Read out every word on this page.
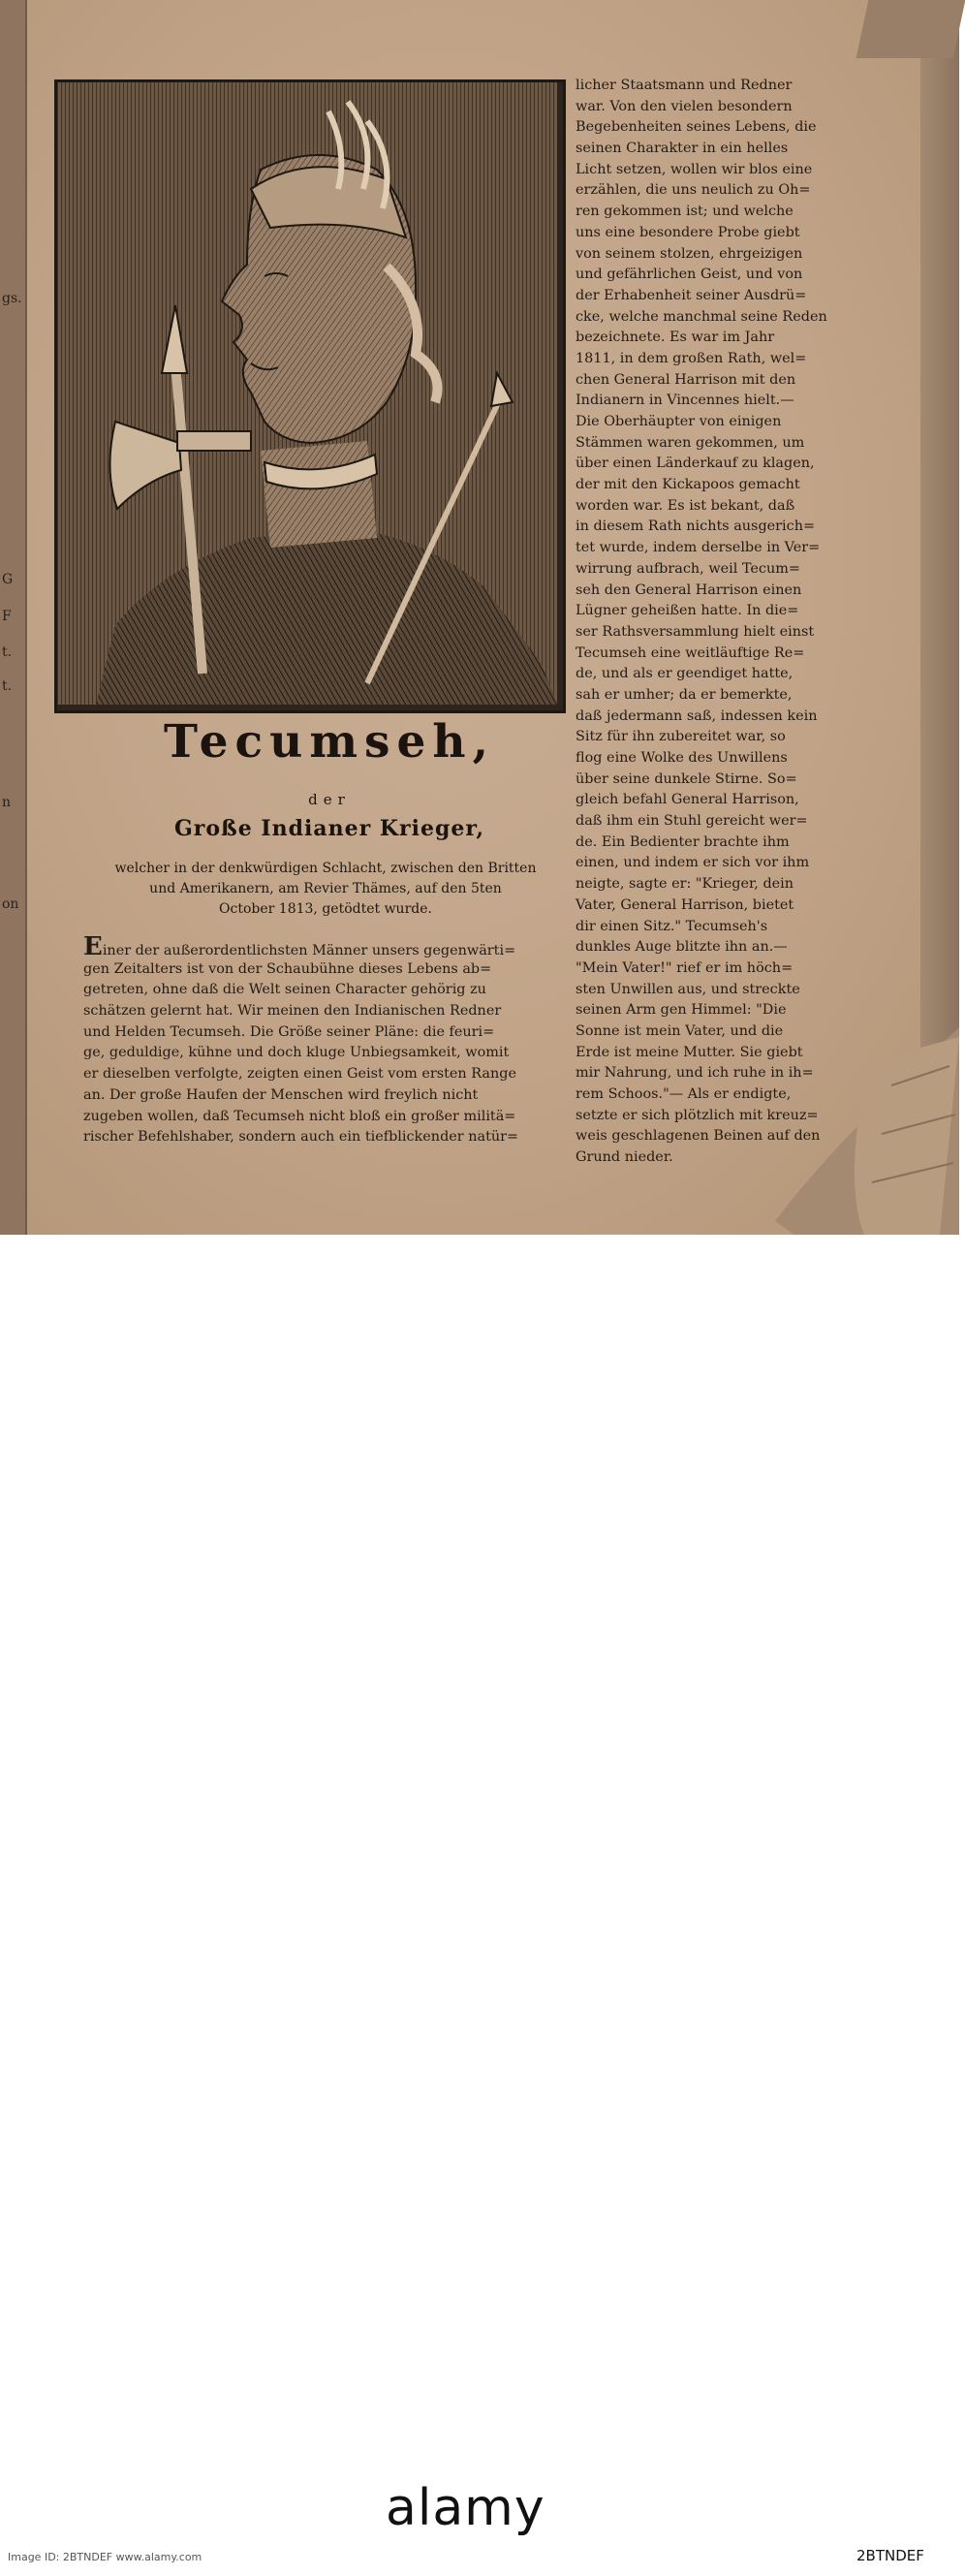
gs.
G
F
t.
t.
n
on
licher Staatsmann und Redner
war. Von den vielen besondern
Begebenheiten seines Lebens, die
seinen Charakter in ein helles
Licht setzen, wollen wir blos eine
erzählen, die uns neulich zu Oh=
ren gekommen ist; und welche
uns eine besondere Probe giebt
von seinem stolzen, ehrgeizigen
und gefährlichen Geist, und von
der Erhabenheit seiner Ausdrü=
cke, welche manchmal seine Reden
bezeichnete. Es war im Jahr
1811, in dem großen Rath, wel=
chen General Harrison mit den
Indianern in Vincennes hielt.—
Die Oberhäupter von einigen
Stämmen waren gekommen, um
über einen Länderkauf zu klagen,
der mit den Kickapoos gemacht
worden war. Es ist bekant, daß
in diesem Rath nichts ausgerich=
tet wurde, indem derselbe in Ver=
wirrung aufbrach, weil Tecum=
seh den General Harrison einen
Lügner geheißen hatte. In die=
ser Rathsversammlung hielt einst
Tecumseh eine weitläuftige Re=
de, und als er geendiget hatte,
sah er umher; da er bemerkte,
daß jedermann saß, indessen kein
Sitz für ihn zubereitet war, so
flog eine Wolke des Unwillens
über seine dunkele Stirne. So=
gleich befahl General Harrison,
daß ihm ein Stuhl gereicht wer=
de. Ein Bedienter brachte ihm
einen, und indem er sich vor ihm
neigte, sagte er: "Krieger, dein
Vater, General Harrison, bietet
dir einen Sitz." Tecumseh's
dunkles Auge blitzte ihn an.—
"Mein Vater!" rief er im höch=
sten Unwillen aus, und streckte
seinen Arm gen Himmel: "Die
Sonne ist mein Vater, und die
Erde ist meine Mutter. Sie giebt
mir Nahrung, und ich ruhe in ih=
rem Schoos."— Als er endigte,
setzte er sich plötzlich mit kreuz=
weis geschlagenen Beinen auf den
Grund nieder.
Tecumseh,
der
Große Indianer Krieger,
welcher in der denkwürdigen Schlacht, zwischen den Britten
und Amerikanern, am Revier Thämes, auf den 5ten
October 1813, getödtet wurde.
Einer der außerordentlichsten Männer unsers gegenwärti=
gen Zeitalters ist von der Schaubühne dieses Lebens ab=
getreten, ohne daß die Welt seinen Character gehörig zu
schätzen gelernt hat. Wir meinen den Indianischen Redner
und Helden Tecumseh. Die Größe seiner Pläne: die feuri=
ge, geduldige, kühne und doch kluge Unbiegsamkeit, womit
er dieselben verfolgte, zeigten einen Geist vom ersten Range
an. Der große Haufen der Menschen wird freylich nicht
zugeben wollen, daß Tecumseh nicht bloß ein großer militä=
rischer Befehlshaber, sondern auch ein tiefblickender natür=
alamy
Image ID: 2BTNDEF www.alamy.com	2BTNDEF
